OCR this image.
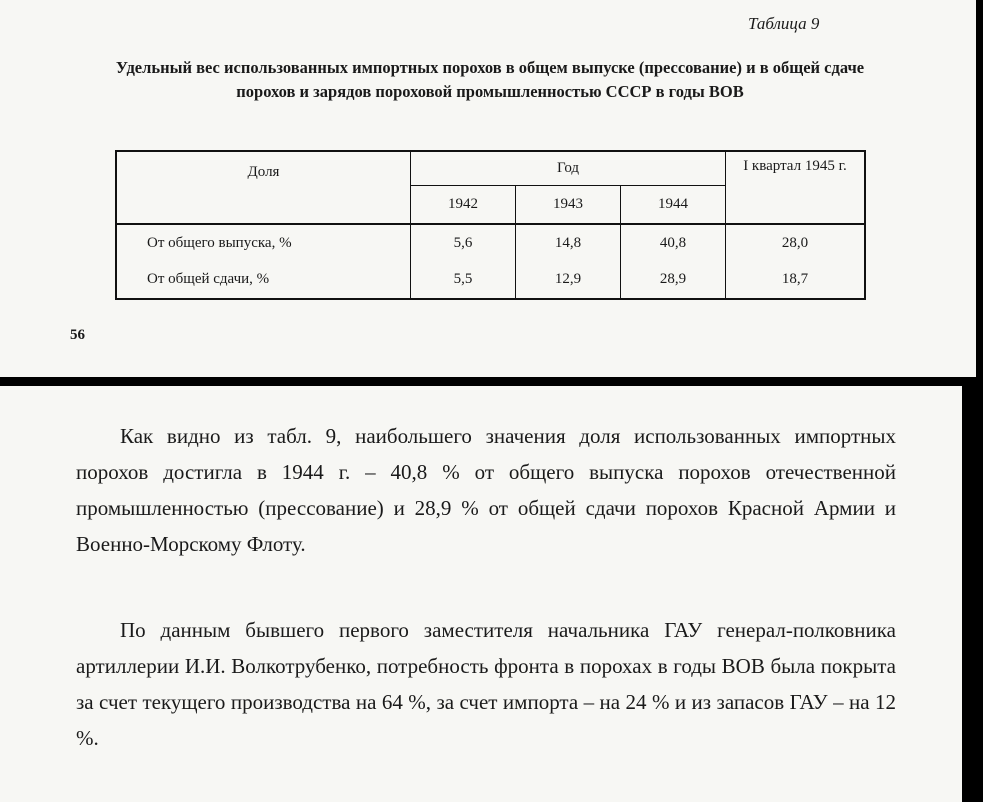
Таблица 9
Удельный вес использованных импортных порохов в общем выпуске (прессование) и в общей сдаче порохов и зарядов пороховой промышленностью СССР в годы ВОВ
Доля	Год			I квартал 1945 г.
	1942	1943	1944	
От общего выпуска, %	5,6	14,8	40,8	28,0
От общей сдачи, %	5,5	12,9	28,9	18,7
56

Как видно из табл. 9, наибольшего значения доля использованных импортных порохов достигла в 1944 г. – 40,8 % от общего выпуска порохов отечественной промышленностью (прессование) и 28,9 % от общей сдачи порохов Красной Армии и Военно-Морскому Флоту.

По данным бывшего первого заместителя начальника ГАУ генерал-полковника артиллерии И.И. Волкотрубенко, потребность фронта в порохах в годы ВОВ была покрыта за счет текущего производства на 64 %, за счет импорта – на 24 % и из запасов ГАУ – на 12 %.
